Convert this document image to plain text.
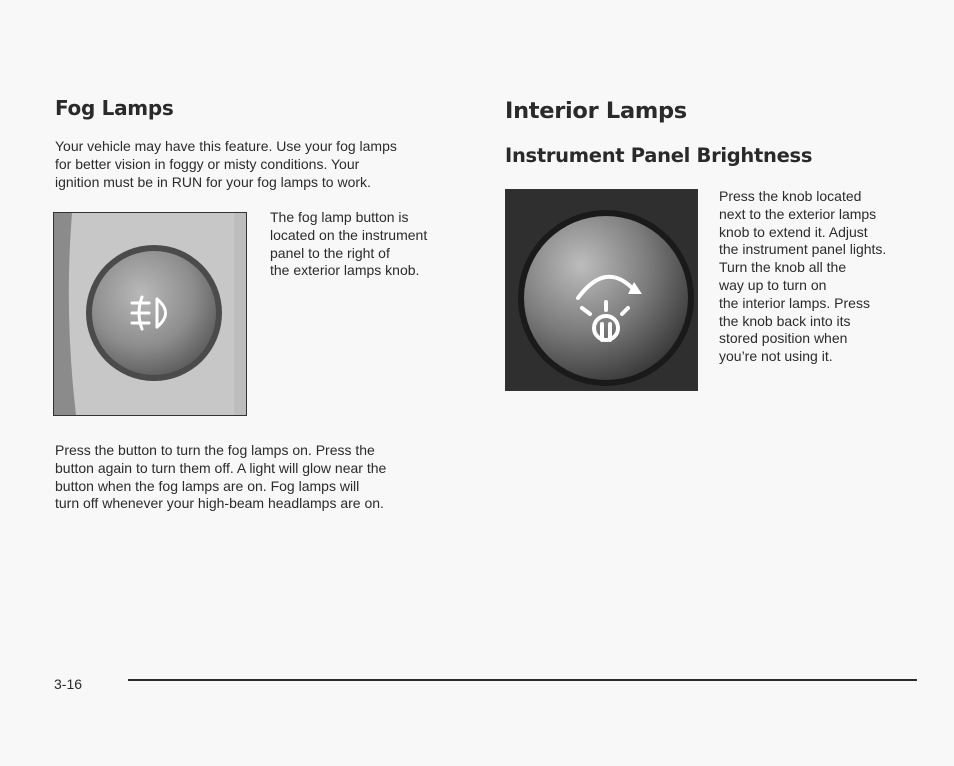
Fog Lamps

Your vehicle may have this feature. Use your fog lamps
for better vision in foggy or misty conditions. Your
ignition must be in RUN for your fog lamps to work.

The fog lamp button is
located on the instrument
panel to the right of
the exterior lamps knob.

Press the button to turn the fog lamps on. Press the
button again to turn them off. A light will glow near the
button when the fog lamps are on. Fog lamps will
turn off whenever your high-beam headlamps are on.

Interior Lamps
Instrument Panel Brightness

Press the knob located
next to the exterior lamps
knob to extend it. Adjust
the instrument panel lights.
Turn the knob all the
way up to turn on
the interior lamps. Press
the knob back into its
stored position when
you’re not using it.

3-16
